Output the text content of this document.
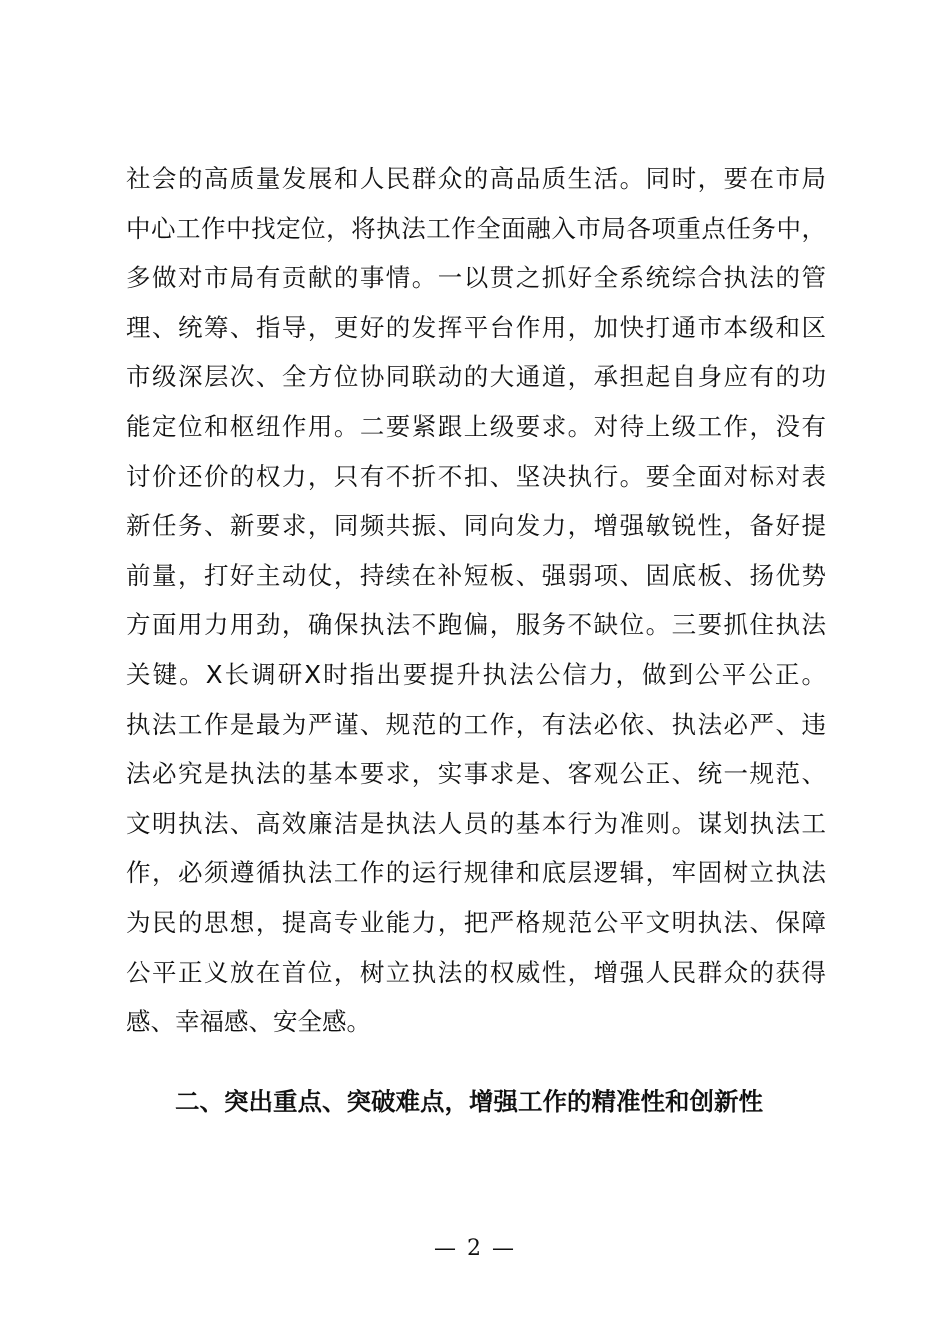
社会的高质量发展和人民群众的高品质生活。同时，要在市局
中心工作中找定位，将执法工作全面融入市局各项重点任务中，
多做对市局有贡献的事情。一以贯之抓好全系统综合执法的管
理、统筹、指导，更好的发挥平台作用，加快打通市本级和区
市级深层次、全方位协同联动的大通道，承担起自身应有的功
能定位和枢纽作用。二要紧跟上级要求。对待上级工作，没有
讨价还价的权力，只有不折不扣、坚决执行。要全面对标对表
新任务、新要求，同频共振、同向发力，增强敏锐性，备好提
前量，打好主动仗，持续在补短板、强弱项、固底板、扬优势
方面用力用劲，确保执法不跑偏，服务不缺位。三要抓住执法
关键。X长调研X时指出要提升执法公信力，做到公平公正。
执法工作是最为严谨、规范的工作，有法必依、执法必严、违
法必究是执法的基本要求，实事求是、客观公正、统一规范、
文明执法、高效廉洁是执法人员的基本行为准则。谋划执法工
作，必须遵循执法工作的运行规律和底层逻辑，牢固树立执法
为民的思想，提高专业能力，把严格规范公平文明执法、保障
公平正义放在首位，树立执法的权威性，增强人民群众的获得
感、幸福感、安全感。
二、突出重点、突破难点，增强工作的精准性和创新性
— 2 —
